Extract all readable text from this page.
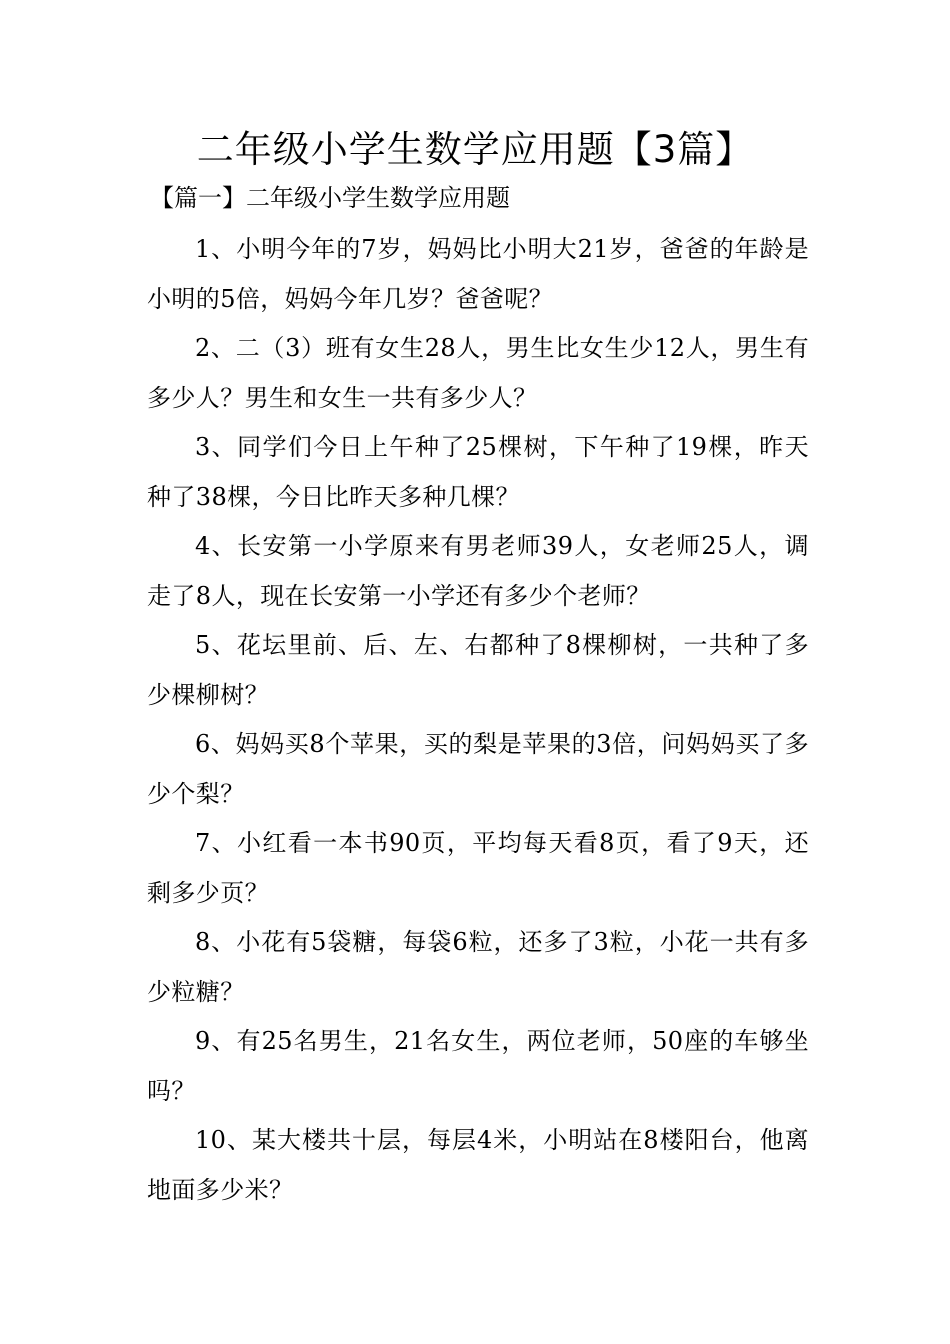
二年级小学生数学应用题【3篇】
【篇一】二年级小学生数学应用题
1、小明今年的7岁，妈妈比小明大21岁，爸爸的年龄是小明的5倍，妈妈今年几岁？爸爸呢？
2、二（3）班有女生28人，男生比女生少12人，男生有多少人？男生和女生一共有多少人？
3、同学们今日上午种了25棵树，下午种了19棵，昨天种了38棵，今日比昨天多种几棵？
4、长安第一小学原来有男老师39人，女老师25人，调走了8人，现在长安第一小学还有多少个老师？
5、花坛里前、后、左、右都种了8棵柳树，一共种了多少棵柳树？
6、妈妈买8个苹果，买的梨是苹果的3倍，问妈妈买了多少个梨？
7、小红看一本书90页，平均每天看8页，看了9天，还剩多少页？
8、小花有5袋糖，每袋6粒，还多了3粒，小花一共有多少粒糖？
9、有25名男生，21名女生，两位老师，50座的车够坐吗？
10、某大楼共十层，每层4米，小明站在8楼阳台，他离地面多少米？
